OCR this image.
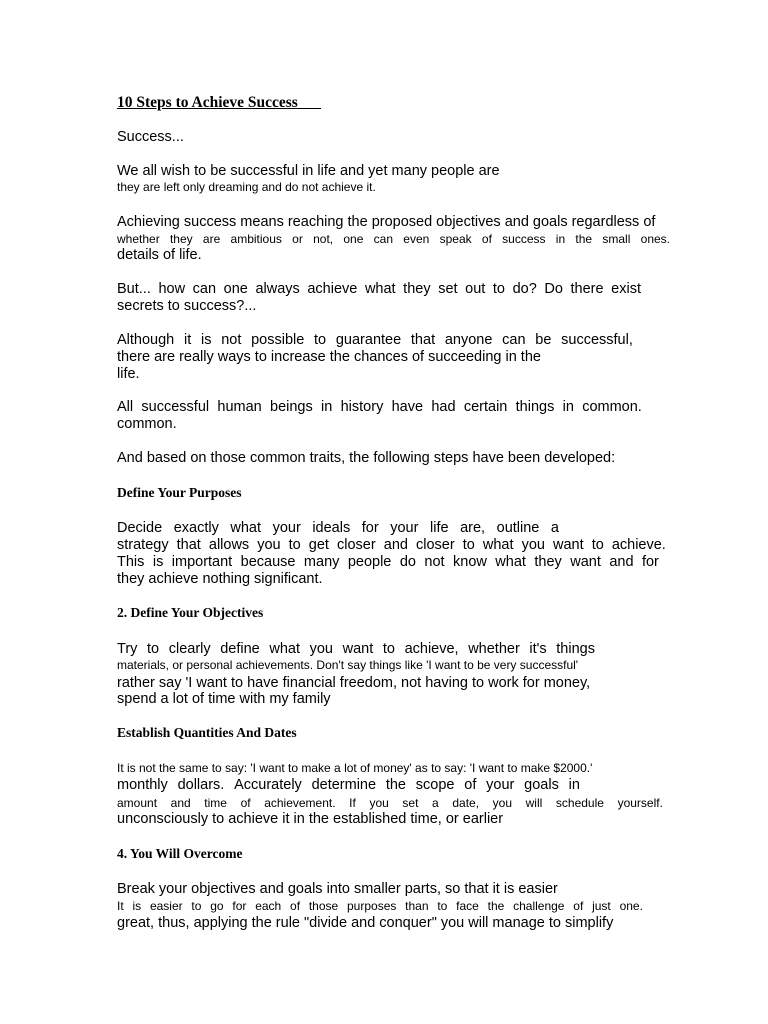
10 Steps to Achieve Success

Success...

We all wish to be successful in life and yet many people are

they are left only dreaming and do not achieve it.

Achieving success means reaching the proposed objectives and goals regardless of

whether they are ambitious or not, one can even speak of success in the small ones.

details of life.

But... how can one always achieve what they set out to do? Do there exist

secrets to success?...

Although it is not possible to guarantee that anyone can be successful,

there are really ways to increase the chances of succeeding in the

life.

All successful human beings in history have had certain things in common.

common.

And based on those common traits, the following steps have been developed:

Define Your Purposes

Decide exactly what your ideals for your life are, outline a

strategy that allows you to get closer and closer to what you want to achieve.

This is important because many people do not know what they want and for

they achieve nothing significant.

2. Define Your Objectives

Try to clearly define what you want to achieve, whether it's things

materials, or personal achievements. Don't say things like 'I want to be very successful'

rather say 'I want to have financial freedom, not having to work for money,

spend a lot of time with my family

Establish Quantities And Dates

It is not the same to say: 'I want to make a lot of money' as to say: 'I want to make $2000.'

monthly dollars. Accurately determine the scope of your goals in

amount and time of achievement. If you set a date, you will schedule yourself.

unconsciously to achieve it in the established time, or earlier

4. You Will Overcome

Break your objectives and goals into smaller parts, so that it is easier

It is easier to go for each of those purposes than to face the challenge of just one.

great, thus, applying the rule "divide and conquer" you will manage to simplify
